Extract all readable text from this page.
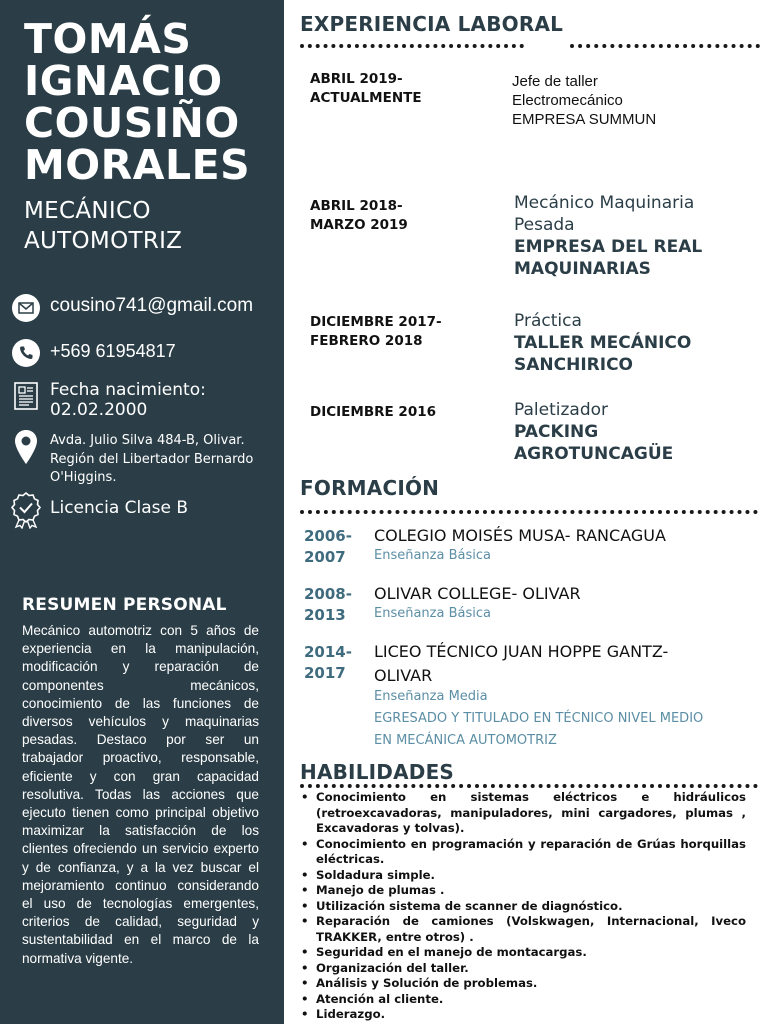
TOMÁS
IGNACIO
COUSIÑO
MORALES
MECÁNICO
AUTOMOTRIZ
cousino741@gmail.com
+569 61954817
Fecha nacimiento:
02.02.2000
Avda. Julio Silva 484-B, Olivar. Región del Libertador Bernardo O'Higgins.
Licencia Clase B
RESUMEN PERSONAL

Mecánico automotriz con 5 años de experiencia en la manipulación, modificación y reparación de componentes mecánicos, conocimiento de las funciones de diversos vehículos y maquinarias pesadas. Destaco por ser un trabajador proactivo, responsable, eficiente y con gran capacidad resolutiva. Todas las acciones que ejecuto tienen como principal objetivo maximizar la satisfacción de los clientes ofreciendo un servicio experto y de confianza, y a la vez buscar el mejoramiento continuo considerando el uso de tecnologías emergentes, criterios de calidad, seguridad y sustentabilidad en el marco de la normativa vigente.

EXPERIENCIA LABORAL
ABRIL 2019-
ACTUALMENTE
Jefe de taller
Electromecánico
EMPRESA SUMMUN
ABRIL 2018-
MARZO 2019
Mecánico Maquinaria
Pesada
EMPRESA DEL REAL
MAQUINARIAS
DICIEMBRE 2017-
FEBRERO 2018
Práctica
TALLER MECÁNICO
SANCHIRICO
DICIEMBRE 2016	Paletizador
PACKING
AGROTUNCAGÜE
FORMACIÓN
2006-
2007
COLEGIO MOISÉS MUSA- RANCAGUA
Enseñanza Básica
2008-
2013
OLIVAR COLLEGE- OLIVAR
Enseñanza Básica
2014-
2017
LICEO TÉCNICO JUAN HOPPE GANTZ-
OLIVAR
Enseñanza Media
EGRESADO Y TITULADO EN TÉCNICO NIVEL MEDIO
EN MECÁNICA AUTOMOTRIZ
HABILIDADES
• Conocimiento en sistemas eléctricos e hidráulicos (retroexcavadoras, manipuladores, mini cargadores, plumas , Excavadoras y tolvas).
• Conocimiento en programación y reparación de Grúas horquillas eléctricas.
• Soldadura simple.
• Manejo de plumas .
• Utilización sistema de scanner de diagnóstico.
• Reparación de camiones (Volskwagen, Internacional, Iveco TRAKKER, entre otros) .
• Seguridad en el manejo de montacargas.
• Organización del taller.
• Análisis y Solución de problemas.
• Atención al cliente.
• Liderazgo.
